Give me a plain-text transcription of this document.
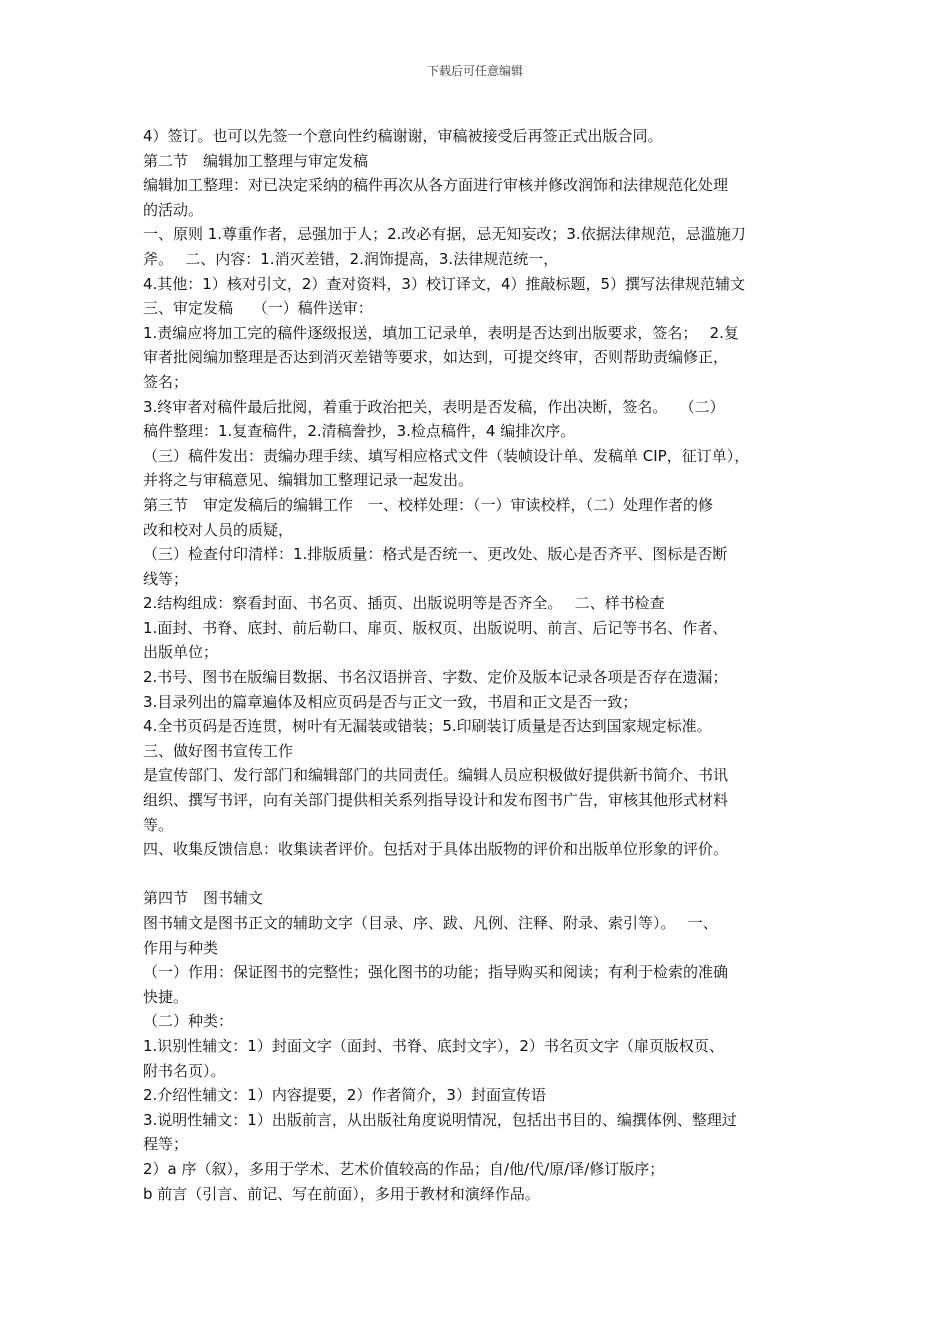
下载后可任意编辑
4）签订。也可以先签一个意向性约稿谢谢，审稿被接受后再签正式出版合同。
第二节　编辑加工整理与审定发稿
编辑加工整理：对已决定采纳的稿件再次从各方面进行审核并修改润饰和法律规范化处理
的活动。
一、原则 1.尊重作者，忌强加于人；2.改必有据，忌无知妄改；3.依据法律规范，忌滥施刀
斧。　 二、内容：1.消灭差错，2.润饰提高，3.法律规范统一，
4.其他：1）核对引文，2）查对资料，3）校订译文，4）推敲标题，5）撰写法律规范辅文
三、审定发稿　 （一）稿件送审：
1.责编应将加工完的稿件逐级报送，填加工记录单，表明是否达到出版要求，签名；　 2.复
审者批阅编加整理是否达到消灭差错等要求，如达到，可提交终审，否则帮助责编修正，
签名；
3.终审者对稿件最后批阅，着重于政治把关，表明是否发稿，作出决断，签名。　 （二）
稿件整理：1.复查稿件，2.清稿誊抄，3.检点稿件，4 编排次序。
（三）稿件发出：责编办理手续、填写相应格式文件（装帧设计单、发稿单 CIP，征订单），
并将之与审稿意见、编辑加工整理记录一起发出。
第三节　审定发稿后的编辑工作　一、校样处理：（一）审读校样，（二）处理作者的修
改和校对人员的质疑，
（三）检查付印清样：1.排版质量：格式是否统一、更改处、版心是否齐平、图标是否断
线等；
2.结构组成：察看封面、书名页、插页、出版说明等是否齐全。　 二、样书检查
1.面封、书脊、底封、前后勒口、扉页、版权页、出版说明、前言、后记等书名、作者、
出版单位；
2.书号、图书在版编目数据、书名汉语拼音、字数、定价及版本记录各项是否存在遗漏；
3.目录列出的篇章遍体及相应页码是否与正文一致，书眉和正文是否一致；
4.全书页码是否连贯，树叶有无漏装或错装；5.印刷装订质量是否达到国家规定标准。
三、做好图书宣传工作
是宣传部门、发行部门和编辑部门的共同责任。编辑人员应积极做好提供新书简介、书讯
组织、撰写书评，向有关部门提供相关系列指导设计和发布图书广告，审核其他形式材料
等。
四、收集反馈信息：收集读者评价。包括对于具体出版物的评价和出版单位形象的评价。
第四节　图书辅文
图书辅文是图书正文的辅助文字（目录、序、跋、凡例、注释、附录、索引等）。　 一、
作用与种类
（一）作用：保证图书的完整性；强化图书的功能；指导购买和阅读；有利于检索的准确
快捷。
（二）种类：
1.识别性辅文：1）封面文字（面封、书脊、底封文字），2）书名页文字（扉页版权页、
附书名页）。
2.介绍性辅文：1）内容提要，2）作者简介，3）封面宣传语
3.说明性辅文：1）出版前言，从出版社角度说明情况，包括出书目的、编撰体例、整理过
程等；
2）a 序（叙），多用于学术、艺术价值较高的作品；自/他/代/原/译/修订版序；
b 前言（引言、前记、写在前面），多用于教材和演绎作品。
